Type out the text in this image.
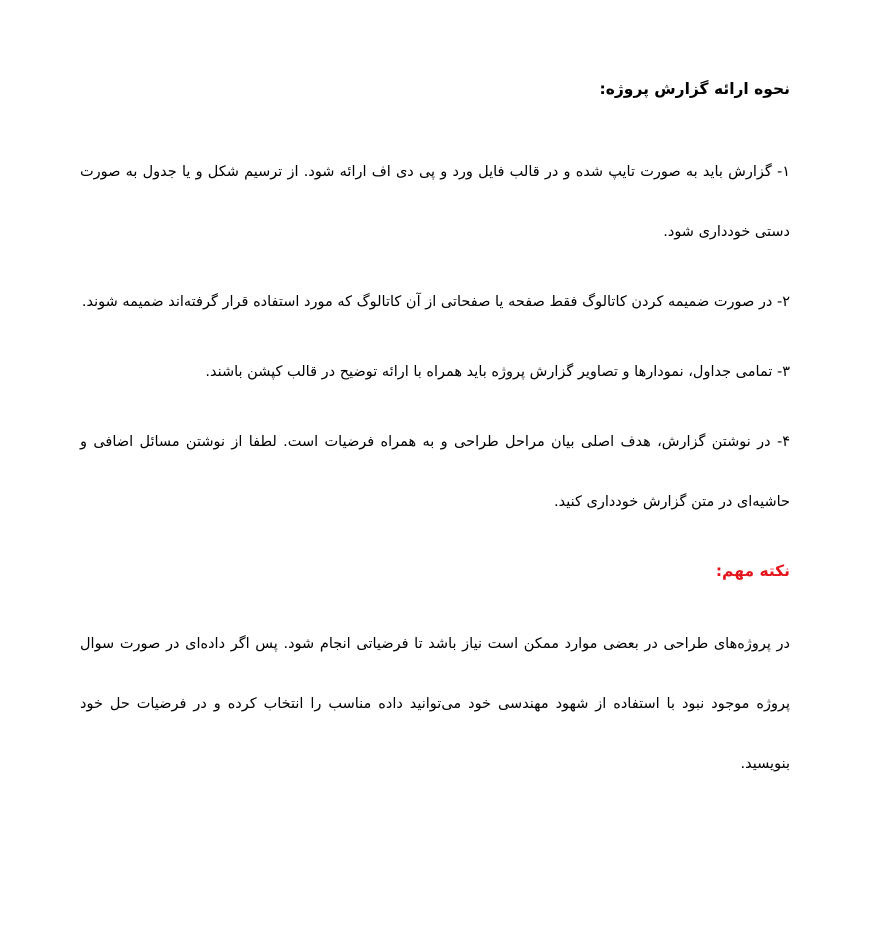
نحوه ارائه گزارش پروژه:

۱- گزارش باید به صورت تایپ شده و در قالب فایل ورد و پی دی اف ارائه شود. از ترسیم شکل و یا جدول به صورت دستی خودداری شود.

۲- در صورت ضمیمه کردن کاتالوگ فقط صفحه یا صفحاتی از آن کاتالوگ که مورد استفاده قرار گرفته‌اند ضمیمه شوند.

۳- تمامی جداول، نمودارها و تصاویر گزارش پروژه باید همراه با ارائه توضیح در قالب کپشن باشند.

۴- در نوشتن گزارش، هدف اصلی بیان مراحل طراحی و به همراه فرضیات است. لطفا از نوشتن مسائل اضافی و حاشیه‌ای در متن گزارش خودداری کنید.

نکته مهم:

در پروژه‌های طراحی در بعضی موارد ممکن است نیاز باشد تا فرضیاتی انجام شود. پس اگر داده‌ای در صورت سوال پروژه موجود نبود با استفاده از شهود مهندسی خود می‌توانید داده مناسب را انتخاب کرده و در فرضیات حل خود بنویسید.
